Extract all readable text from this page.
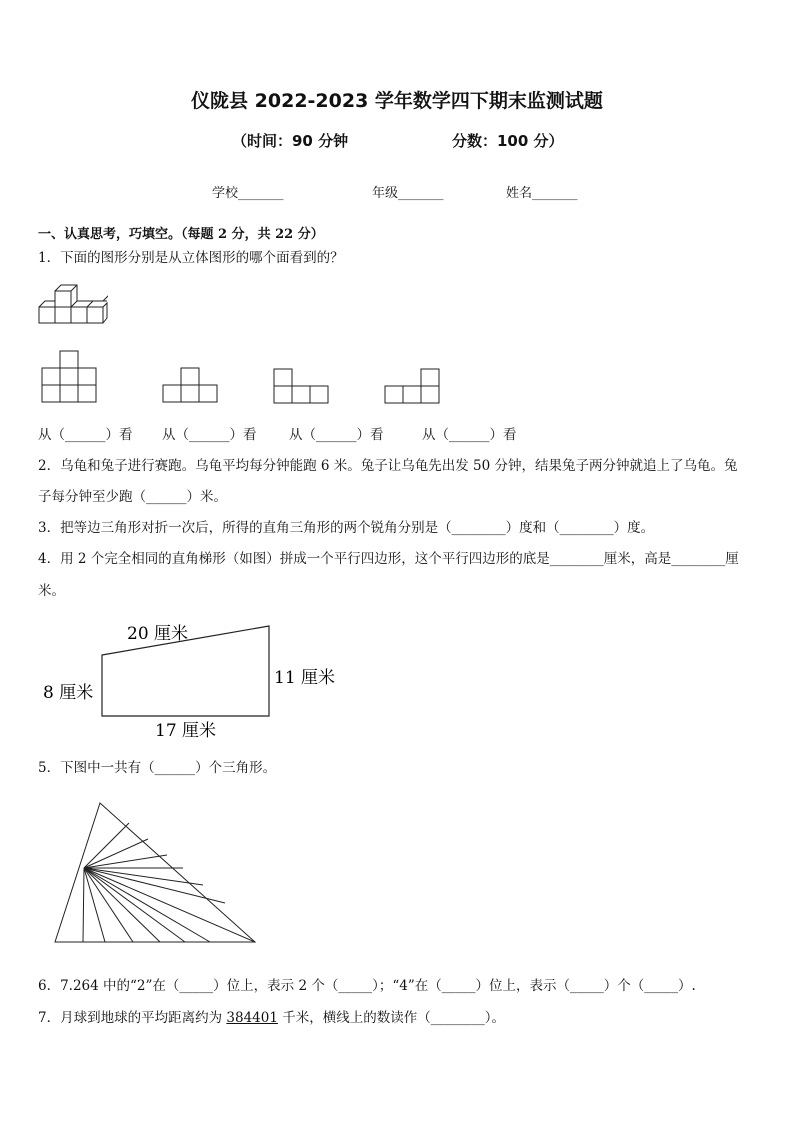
仪陇县 2022-2023 学年数学四下期末监测试题
（时间：90 分钟	分数：100 分）
学校_______	年级_______	姓名_______
一、认真思考，巧填空。（每题 2 分，共 22 分）
1．下面的图形分别是从立体图形的哪个面看到的？
从（______）看 从（______）看 从（______）看	从（______）看
2．乌龟和兔子进行赛跑。乌龟平均每分钟能跑 6 米。兔子让乌龟先出发 50 分钟，结果兔子两分钟就追上了乌龟。兔
子每分钟至少跑（______）米。
3．把等边三角形对折一次后，所得的直角三角形的两个锐角分别是（________）度和（________）度。
4．用 2 个完全相同的直角梯形（如图）拼成一个平行四边形，这个平行四边形的底是________厘米，高是________厘
米。
20 厘米
8 厘米
11 厘米
17 厘米
5．下图中一共有（______）个三角形。
6．7.264 中的“2”在（_____）位上，表示 2 个（_____）；“4”在（_____）位上，表示（_____）个（_____）.
7．月球到地球的平均距离约为 384401 千米，横线上的数读作（________）。
